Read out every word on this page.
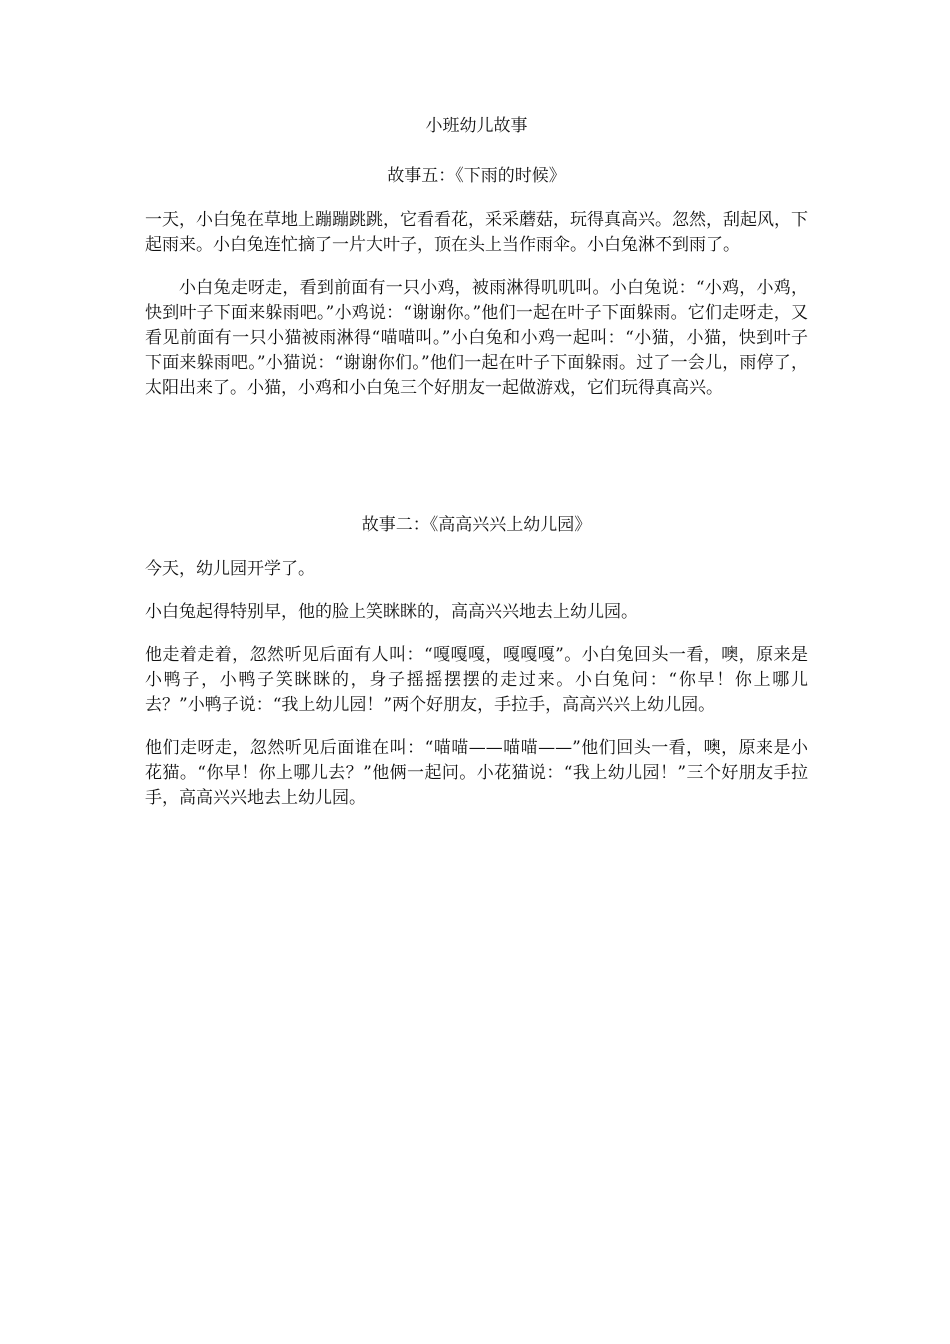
小班幼儿故事
故事五：《下雨的时候》

一天，小白兔在草地上蹦蹦跳跳，它看看花，采采蘑菇，玩得真高兴。忽然，刮起风，下起雨来。小白兔连忙摘了一片大叶子，顶在头上当作雨伞。小白兔淋不到雨了。

小白兔走呀走，看到前面有一只小鸡，被雨淋得叽叽叫。小白兔说：“小鸡，小鸡，快到叶子下面来躲雨吧。”小鸡说：“谢谢你。”他们一起在叶子下面躲雨。它们走呀走，又看见前面有一只小猫被雨淋得“喵喵叫。”小白兔和小鸡一起叫：“小猫，小猫，快到叶子下面来躲雨吧。”小猫说：“谢谢你们。”他们一起在叶子下面躲雨。过了一会儿，雨停了，太阳出来了。小猫，小鸡和小白兔三个好朋友一起做游戏，它们玩得真高兴。

故事二：《高高兴兴上幼儿园》

今天，幼儿园开学了。

小白兔起得特别早，他的脸上笑眯眯的，高高兴兴地去上幼儿园。

他走着走着，忽然听见后面有人叫：“嘎嘎嘎，嘎嘎嘎”。小白兔回头一看，噢，原来是小鸭子，小鸭子笑眯眯的，身子摇摇摆摆的走过来。小白兔问：“你早！你上哪儿去？”小鸭子说：“我上幼儿园！”两个好朋友，手拉手，高高兴兴上幼儿园。

他们走呀走，忽然听见后面谁在叫：“喵喵——喵喵——”他们回头一看，噢，原来是小花猫。“你早！你上哪儿去？”他俩一起问。小花猫说：“我上幼儿园！”三个好朋友手拉手，高高兴兴地去上幼儿园。
